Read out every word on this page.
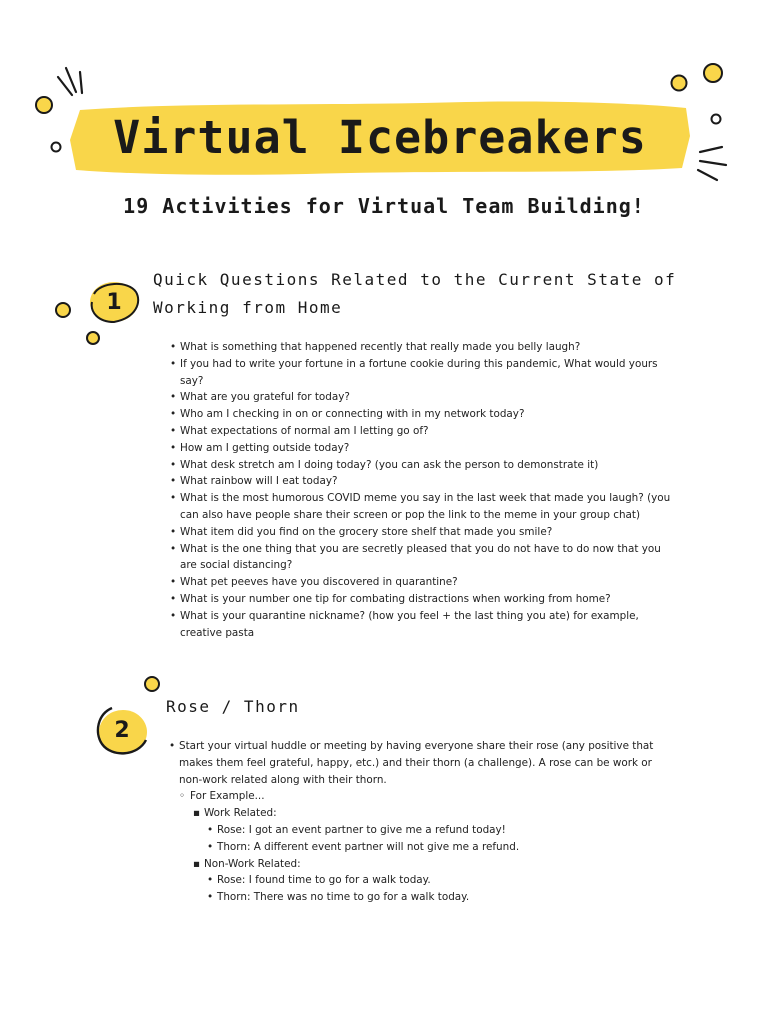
Virtual Icebreakers
19 Activities for Virtual Team Building!
1
Quick Questions Related to the Current State of
Working from Home
• What is something that happened recently that really made you belly laugh?
• If you had to write your fortune in a fortune cookie during this pandemic, What would yours say?
• What are you grateful for today?
• Who am I checking in on or connecting with in my network today?
• What expectations of normal am I letting go of?
• How am I getting outside today?
• What desk stretch am I doing today? (you can ask the person to demonstrate it)
• What rainbow will I eat today?
• What is the most humorous COVID meme you say in the last week that made you laugh? (you can also have people share their screen or pop the link to the meme in your group chat)
• What item did you find on the grocery store shelf that made you smile?
• What is the one thing that you are secretly pleased that you do not have to do now that you are social distancing?
• What pet peeves have you discovered in quarantine?
• What is your number one tip for combating distractions when working from home?
• What is your quarantine nickname? (how you feel + the last thing you ate) for example, creative pasta
2
Rose / Thorn
• Start your virtual huddle or meeting by having everyone share their rose (any positive that makes them feel grateful, happy, etc.) and their thorn (a challenge). A rose can be work or non-work related along with their thorn.
◦ For Example...
▪ Work Related:
• Rose: I got an event partner to give me a refund today!
• Thorn: A different event partner will not give me a refund.
▪ Non-Work Related:
• Rose: I found time to go for a walk today.
• Thorn: There was no time to go for a walk today.
